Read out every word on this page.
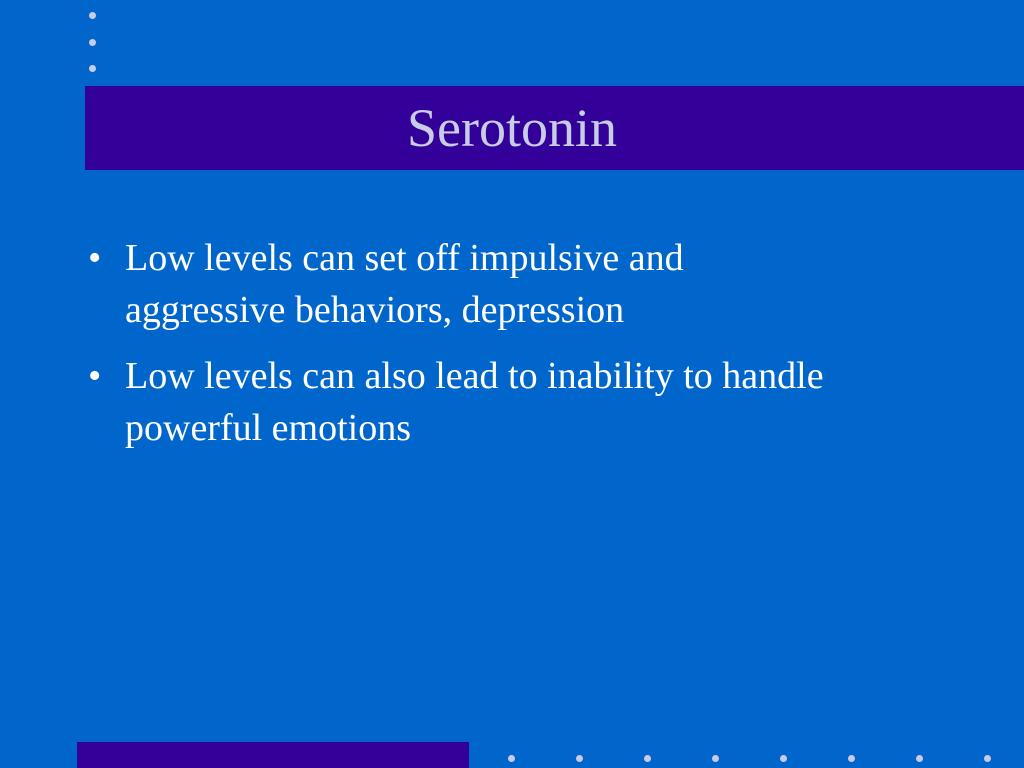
Serotonin
• Low levels can set off impulsive and aggressive behaviors, depression
• Low levels can also lead to inability to handle powerful emotions
